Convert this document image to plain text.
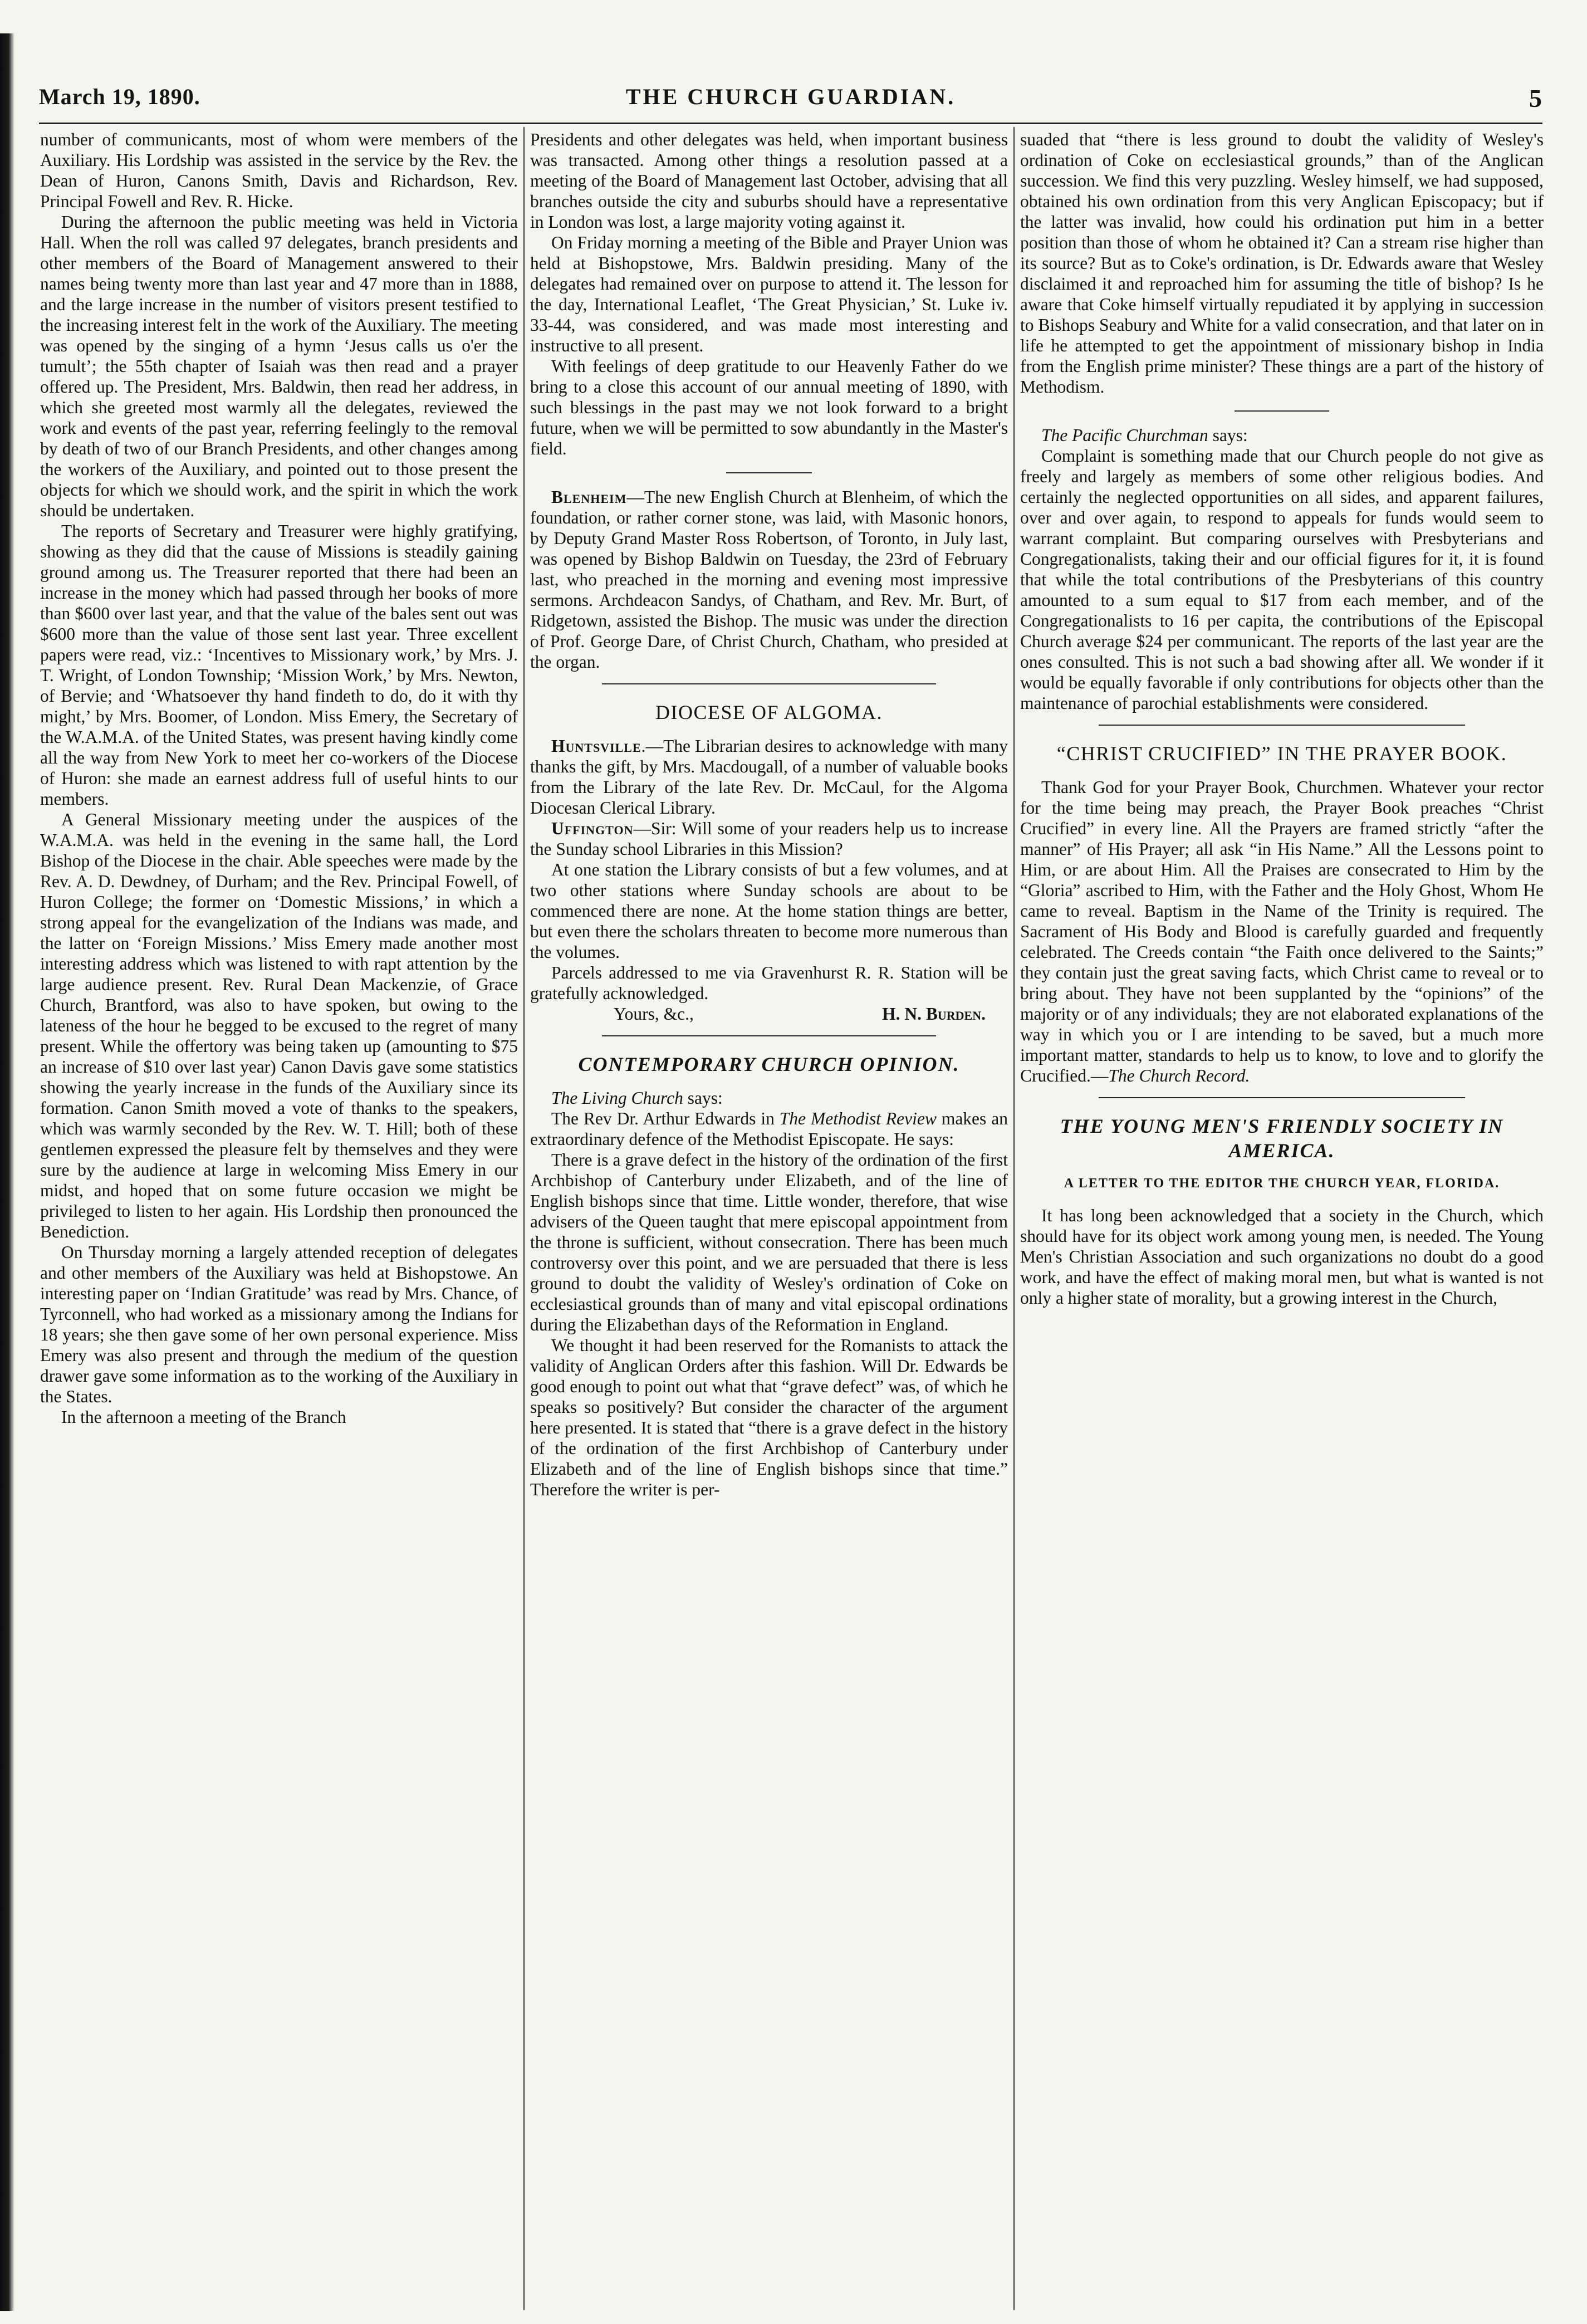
March 19, 1890.	THE CHURCH GUARDIAN.	5

number of communicants, most of whom were members of the Auxiliary. His Lordship was assisted in the service by the Rev. the Dean of Huron, Canons Smith, Davis and Richardson, Rev. Principal Fowell and Rev. R. Hicke.

During the afternoon the public meeting was held in Victoria Hall. When the roll was called 97 delegates, branch presidents and other members of the Board of Management answered to their names being twenty more than last year and 47 more than in 1888, and the large increase in the number of visitors present testified to the increasing interest felt in the work of the Auxiliary. The meeting was opened by the singing of a hymn ‘Jesus calls us o'er the tumult’; the 55th chapter of Isaiah was then read and a prayer offered up. The President, Mrs. Baldwin, then read her address, in which she greeted most warmly all the delegates, reviewed the work and events of the past year, referring feelingly to the removal by death of two of our Branch Presidents, and other changes among the workers of the Auxiliary, and pointed out to those present the objects for which we should work, and the spirit in which the work should be undertaken.

The reports of Secretary and Treasurer were highly gratifying, showing as they did that the cause of Missions is steadily gaining ground among us. The Treasurer reported that there had been an increase in the money which had passed through her books of more than $600 over last year, and that the value of the bales sent out was $600 more than the value of those sent last year. Three excellent papers were read, viz.: ‘Incentives to Missionary work,’ by Mrs. J. T. Wright, of London Township; ‘Mission Work,’ by Mrs. Newton, of Bervie; and ‘Whatsoever thy hand findeth to do, do it with thy might,’ by Mrs. Boomer, of London. Miss Emery, the Secretary of the W.A.M.A. of the United States, was present having kindly come all the way from New York to meet her co-workers of the Diocese of Huron: she made an earnest address full of useful hints to our members.

A General Missionary meeting under the auspices of the W.A.M.A. was held in the evening in the same hall, the Lord Bishop of the Diocese in the chair. Able speeches were made by the Rev. A. D. Dewdney, of Durham; and the Rev. Principal Fowell, of Huron College; the former on ‘Domestic Missions,’ in which a strong appeal for the evangelization of the Indians was made, and the latter on ‘Foreign Missions.’ Miss Emery made another most interesting address which was listened to with rapt attention by the large audience present. Rev. Rural Dean Mackenzie, of Grace Church, Brantford, was also to have spoken, but owing to the lateness of the hour he begged to be excused to the regret of many present. While the offertory was being taken up (amounting to $75 an increase of $10 over last year) Canon Davis gave some statistics showing the yearly increase in the funds of the Auxiliary since its formation. Canon Smith moved a vote of thanks to the speakers, which was warmly seconded by the Rev. W. T. Hill; both of these gentlemen expressed the pleasure felt by themselves and they were sure by the audience at large in welcoming Miss Emery in our midst, and hoped that on some future occasion we might be privileged to listen to her again. His Lordship then pronounced the Benediction.

On Thursday morning a largely attended reception of delegates and other members of the Auxiliary was held at Bishopstowe. An interesting paper on ‘Indian Gratitude’ was read by Mrs. Chance, of Tyrconnell, who had worked as a missionary among the Indians for 18 years; she then gave some of her own personal experience. Miss Emery was also present and through the medium of the question drawer gave some information as to the working of the Auxiliary in the States.

In the afternoon a meeting of the Branch

Presidents and other delegates was held, when important business was transacted. Among other things a resolution passed at a meeting of the Board of Management last October, advising that all branches outside the city and suburbs should have a representative in London was lost, a large majority voting against it.

On Friday morning a meeting of the Bible and Prayer Union was held at Bishopstowe, Mrs. Baldwin presiding. Many of the delegates had remained over on purpose to attend it. The lesson for the day, International Leaflet, ‘The Great Physician,’ St. Luke iv. 33-44, was considered, and was made most interesting and instructive to all present.

With feelings of deep gratitude to our Heavenly Father do we bring to a close this account of our annual meeting of 1890, with such blessings in the past may we not look forward to a bright future, when we will be permitted to sow abundantly in the Master's field.

Blenheim—The new English Church at Blenheim, of which the foundation, or rather corner stone, was laid, with Masonic honors, by Deputy Grand Master Ross Robertson, of Toronto, in July last, was opened by Bishop Baldwin on Tuesday, the 23rd of February last, who preached in the morning and evening most impressive sermons. Archdeacon Sandys, of Chatham, and Rev. Mr. Burt, of Ridgetown, assisted the Bishop. The music was under the direction of Prof. George Dare, of Christ Church, Chatham, who presided at the organ.

DIOCESE OF ALGOMA.

Huntsville.—The Librarian desires to acknowledge with many thanks the gift, by Mrs. Macdougall, of a number of valuable books from the Library of the late Rev. Dr. McCaul, for the Algoma Diocesan Clerical Library.

Uffington—Sir: Will some of your readers help us to increase the Sunday school Libraries in this Mission?

At one station the Library consists of but a few volumes, and at two other stations where Sunday schools are about to be commenced there are none. At the home station things are better, but even there the scholars threaten to become more numerous than the volumes.

Parcels addressed to me via Gravenhurst R. R. Station will be gratefully acknowledged.

Yours, &c.,	H. N. Burden.

CONTEMPORARY CHURCH OPINION.

The Living Church says:

The Rev Dr. Arthur Edwards in The Methodist Review makes an extraordinary defence of the Methodist Episcopate. He says:

There is a grave defect in the history of the ordination of the first Archbishop of Canterbury under Elizabeth, and of the line of English bishops since that time. Little wonder, therefore, that wise advisers of the Queen taught that mere episcopal appointment from the throne is sufficient, without consecration. There has been much controversy over this point, and we are persuaded that there is less ground to doubt the validity of Wesley's ordination of Coke on ecclesiastical grounds than of many and vital episcopal ordinations during the Elizabethan days of the Reformation in England.

We thought it had been reserved for the Romanists to attack the validity of Anglican Orders after this fashion. Will Dr. Edwards be good enough to point out what that “grave defect” was, of which he speaks so positively? But consider the character of the argument here presented. It is stated that “there is a grave defect in the history of the ordination of the first Archbishop of Canterbury under Elizabeth and of the line of English bishops since that time.” Therefore the writer is per-

suaded that “there is less ground to doubt the validity of Wesley's ordination of Coke on ecclesiastical grounds,” than of the Anglican succession. We find this very puzzling. Wesley himself, we had supposed, obtained his own ordination from this very Anglican Episcopacy; but if the latter was invalid, how could his ordination put him in a better position than those of whom he obtained it? Can a stream rise higher than its source? But as to Coke's ordination, is Dr. Edwards aware that Wesley disclaimed it and reproached him for assuming the title of bishop? Is he aware that Coke himself virtually repudiated it by applying in succession to Bishops Seabury and White for a valid consecration, and that later on in life he attempted to get the appointment of missionary bishop in India from the English prime minister? These things are a part of the history of Methodism.

The Pacific Churchman says:

Complaint is something made that our Church people do not give as freely and largely as members of some other religious bodies. And certainly the neglected opportunities on all sides, and apparent failures, over and over again, to respond to appeals for funds would seem to warrant complaint. But comparing ourselves with Presbyterians and Congregationalists, taking their and our official figures for it, it is found that while the total contributions of the Presbyterians of this country amounted to a sum equal to $17 from each member, and of the Congregationalists to 16 per capita, the contributions of the Episcopal Church average $24 per communicant. The reports of the last year are the ones consulted. This is not such a bad showing after all. We wonder if it would be equally favorable if only contributions for objects other than the maintenance of parochial establishments were considered.

“CHRIST CRUCIFIED” IN THE PRAYER BOOK.

Thank God for your Prayer Book, Churchmen. Whatever your rector for the time being may preach, the Prayer Book preaches “Christ Crucified” in every line. All the Prayers are framed strictly “after the manner” of His Prayer; all ask “in His Name.” All the Lessons point to Him, or are about Him. All the Praises are consecrated to Him by the “Gloria” ascribed to Him, with the Father and the Holy Ghost, Whom He came to reveal. Baptism in the Name of the Trinity is required. The Sacrament of His Body and Blood is carefully guarded and frequently celebrated. The Creeds contain “the Faith once delivered to the Saints;” they contain just the great saving facts, which Christ came to reveal or to bring about. They have not been supplanted by the “opinions” of the majority or of any individuals; they are not elaborated explanations of the way in which you or I are intending to be saved, but a much more important matter, standards to help us to know, to love and to glorify the Crucified.—The Church Record.

THE YOUNG MEN'S FRIENDLY SOCIETY IN AMERICA.
A LETTER TO THE EDITOR THE CHURCH YEAR, FLORIDA.

It has long been acknowledged that a society in the Church, which should have for its object work among young men, is needed. The Young Men's Christian Association and such organizations no doubt do a good work, and have the effect of making moral men, but what is wanted is not only a higher state of morality, but a growing interest in the Church,
